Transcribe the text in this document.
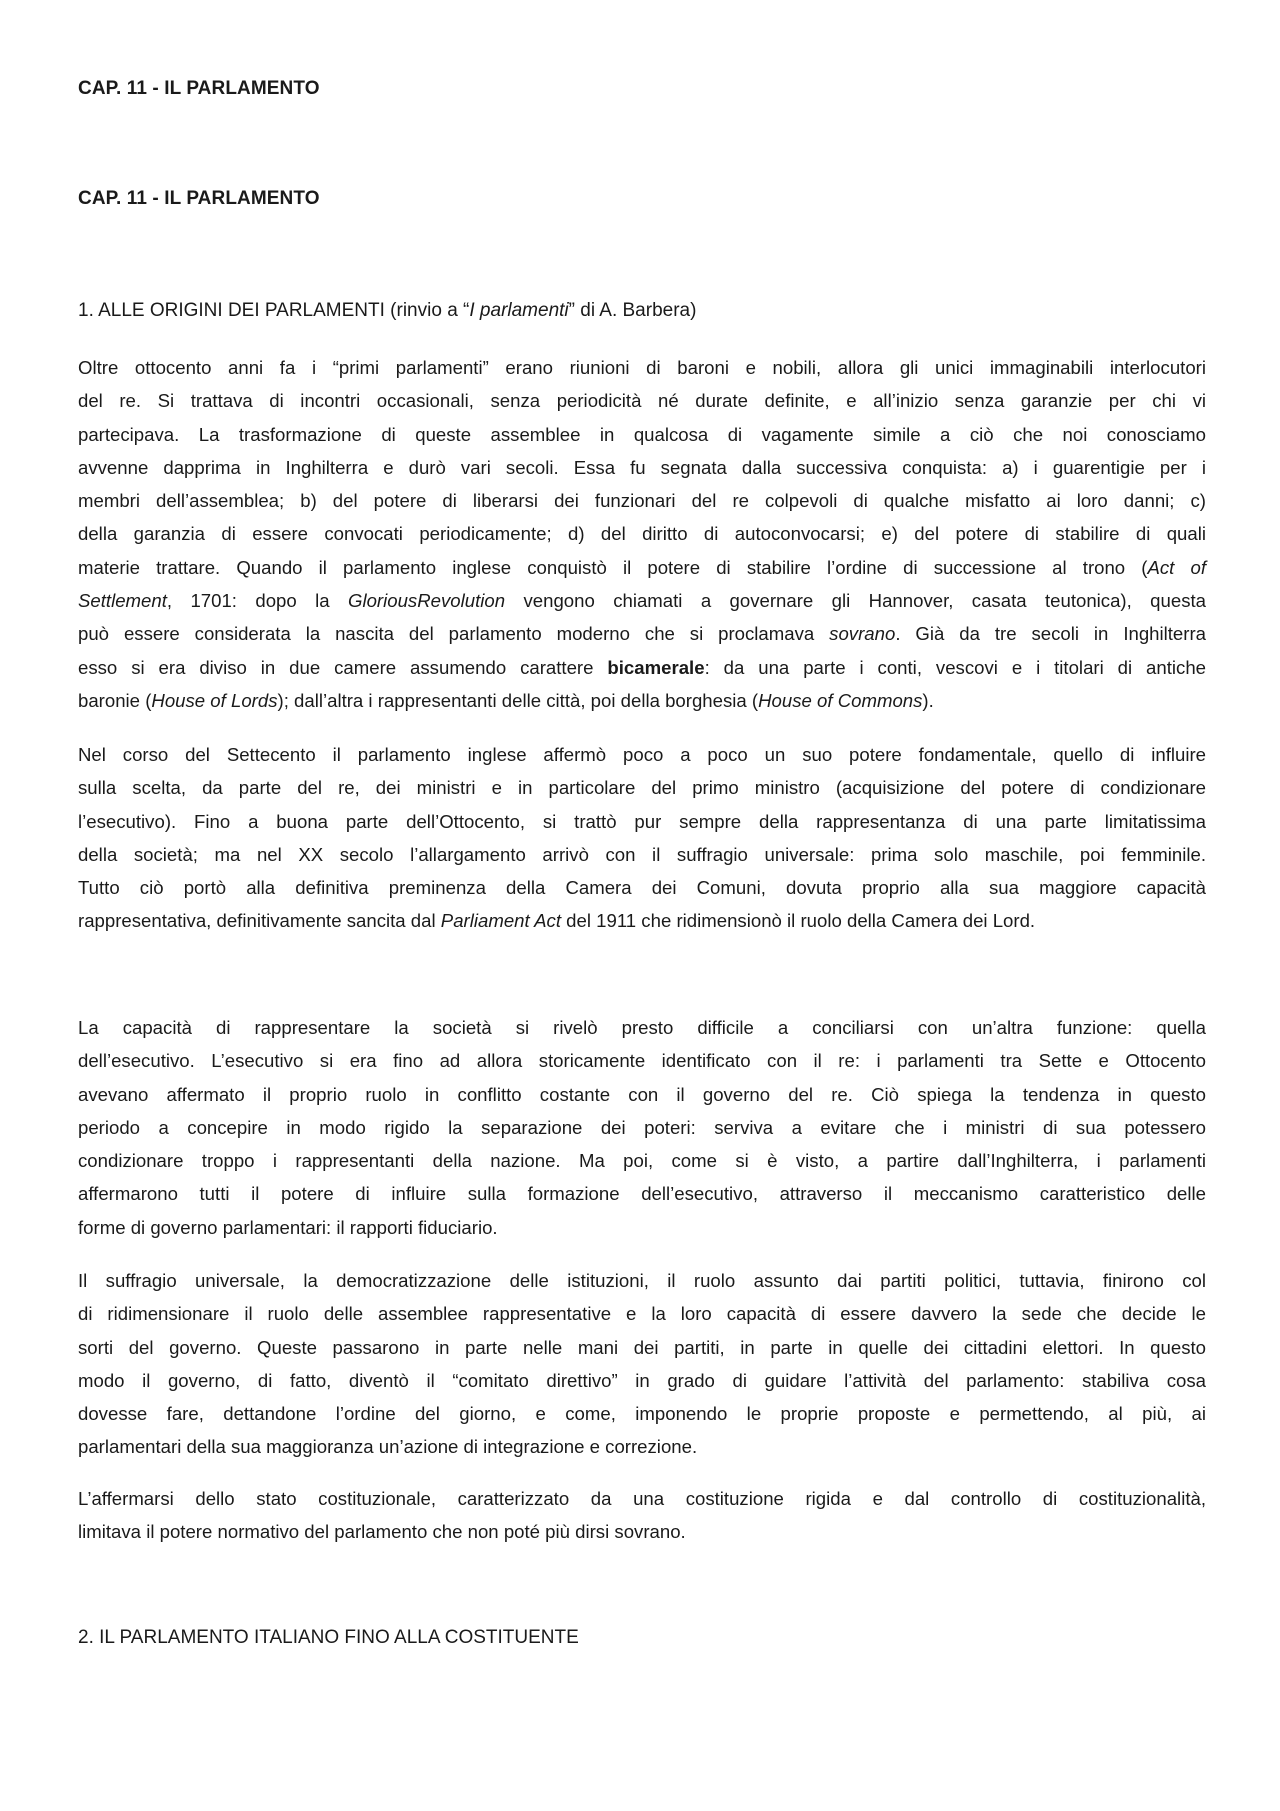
CAP. 11 - IL PARLAMENTO
CAP. 11 - IL PARLAMENTO
1. ALLE ORIGINI DEI PARLAMENTI (rinvio a “I parlamenti” di A. Barbera)
Oltre ottocento anni fa i “primi parlamenti” erano riunioni di baroni e nobili, allora gli unici immaginabili interlocutori
del re. Si trattava di incontri occasionali, senza periodicità né durate definite, e all’inizio senza garanzie per chi vi
partecipava. La trasformazione di queste assemblee in qualcosa di vagamente simile a ciò che noi conosciamo
avvenne dapprima in Inghilterra e durò vari secoli. Essa fu segnata dalla successiva conquista: a) i guarentigie per i
membri dell’assemblea; b) del potere di liberarsi dei funzionari del re colpevoli di qualche misfatto ai loro danni; c)
della garanzia di essere convocati periodicamente; d) del diritto di autoconvocarsi; e) del potere di stabilire di quali
materie trattare. Quando il parlamento inglese conquistò il potere di stabilire l’ordine di successione al trono (Act of
Settlement, 1701: dopo la GloriousRevolution vengono chiamati a governare gli Hannover, casata teutonica), questa
può essere considerata la nascita del parlamento moderno che si proclamava sovrano. Già da tre secoli in Inghilterra
esso si era diviso in due camere assumendo carattere bicamerale: da una parte i conti, vescovi e i titolari di antiche
baronie (House of Lords); dall’altra i rappresentanti delle città, poi della borghesia (House of Commons).
Nel corso del Settecento il parlamento inglese affermò poco a poco un suo potere fondamentale, quello di influire
sulla scelta, da parte del re, dei ministri e in particolare del primo ministro (acquisizione del potere di condizionare
l’esecutivo). Fino a buona parte dell’Ottocento, si trattò pur sempre della rappresentanza di una parte limitatissima
della società; ma nel XX secolo l’allargamento arrivò con il suffragio universale: prima solo maschile, poi femminile.
Tutto ciò portò alla definitiva preminenza della Camera dei Comuni, dovuta proprio alla sua maggiore capacità
rappresentativa, definitivamente sancita dal Parliament Act del 1911 che ridimensionò il ruolo della Camera dei Lord.
La capacità di rappresentare la società si rivelò presto difficile a conciliarsi con un’altra funzione: quella
dell’esecutivo. L’esecutivo si era fino ad allora storicamente identificato con il re: i parlamenti tra Sette e Ottocento
avevano affermato il proprio ruolo in conflitto costante con il governo del re. Ciò spiega la tendenza in questo
periodo a concepire in modo rigido la separazione dei poteri: serviva a evitare che i ministri di sua potessero
condizionare troppo i rappresentanti della nazione. Ma poi, come si è visto, a partire dall’Inghilterra, i parlamenti
affermarono tutti il potere di influire sulla formazione dell’esecutivo, attraverso il meccanismo caratteristico delle
forme di governo parlamentari: il rapporti fiduciario.
Il suffragio universale, la democratizzazione delle istituzioni, il ruolo assunto dai partiti politici, tuttavia, finirono col
di ridimensionare il ruolo delle assemblee rappresentative e la loro capacità di essere davvero la sede che decide le
sorti del governo. Queste passarono in parte nelle mani dei partiti, in parte in quelle dei cittadini elettori. In questo
modo il governo, di fatto, diventò il “comitato direttivo” in grado di guidare l’attività del parlamento: stabiliva cosa
dovesse fare, dettandone l’ordine del giorno, e come, imponendo le proprie proposte e permettendo, al più, ai
parlamentari della sua maggioranza un’azione di integrazione e correzione.
L’affermarsi dello stato costituzionale, caratterizzato da una costituzione rigida e dal controllo di costituzionalità,
limitava il potere normativo del parlamento che non poté più dirsi sovrano.
2. IL PARLAMENTO ITALIANO FINO ALLA COSTITUENTE
